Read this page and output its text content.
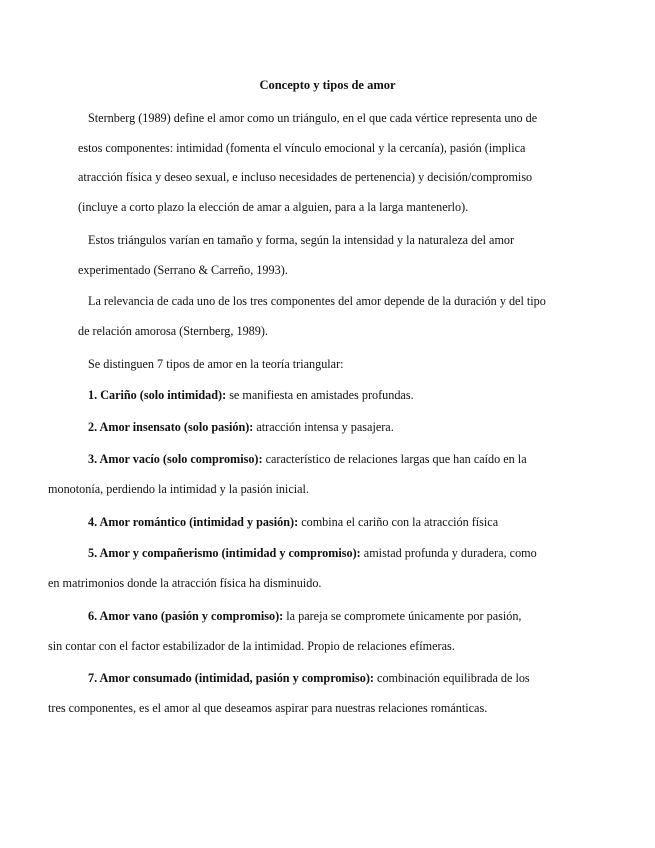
Concepto y tipos de amor
Sternberg (1989) define el amor como un triángulo, en el que cada vértice representa uno de
estos componentes: intimidad (fomenta el vínculo emocional y la cercanía), pasión (implica
atracción física y deseo sexual, e incluso necesidades de pertenencia) y decisión/compromiso
(incluye a corto plazo la elección de amar a alguien, para a la larga mantenerlo).
Estos triángulos varían en tamaño y forma, según la intensidad y la naturaleza del amor
experimentado (Serrano & Carreño, 1993).
La relevancia de cada uno de los tres componentes del amor depende de la duración y del tipo
de relación amorosa (Sternberg, 1989).
Se distinguen 7 tipos de amor en la teoría triangular:
1. Cariño (solo intimidad): se manifiesta en amistades profundas.
2. Amor insensato (solo pasión): atracción intensa y pasajera.
3. Amor vacío (solo compromiso): característico de relaciones largas que han caído en la
monotonía, perdiendo la intimidad y la pasión inicial.
4. Amor romántico (intimidad y pasión): combina el cariño con la atracción física
5. Amor y compañerismo (intimidad y compromiso): amistad profunda y duradera, como
en matrimonios donde la atracción física ha disminuido.
6. Amor vano (pasión y compromiso): la pareja se compromete únicamente por pasión,
sin contar con el factor estabilizador de la intimidad. Propio de relaciones efímeras.
7. Amor consumado (intimidad, pasión y compromiso): combinación equilibrada de los
tres componentes, es el amor al que deseamos aspirar para nuestras relaciones románticas.
